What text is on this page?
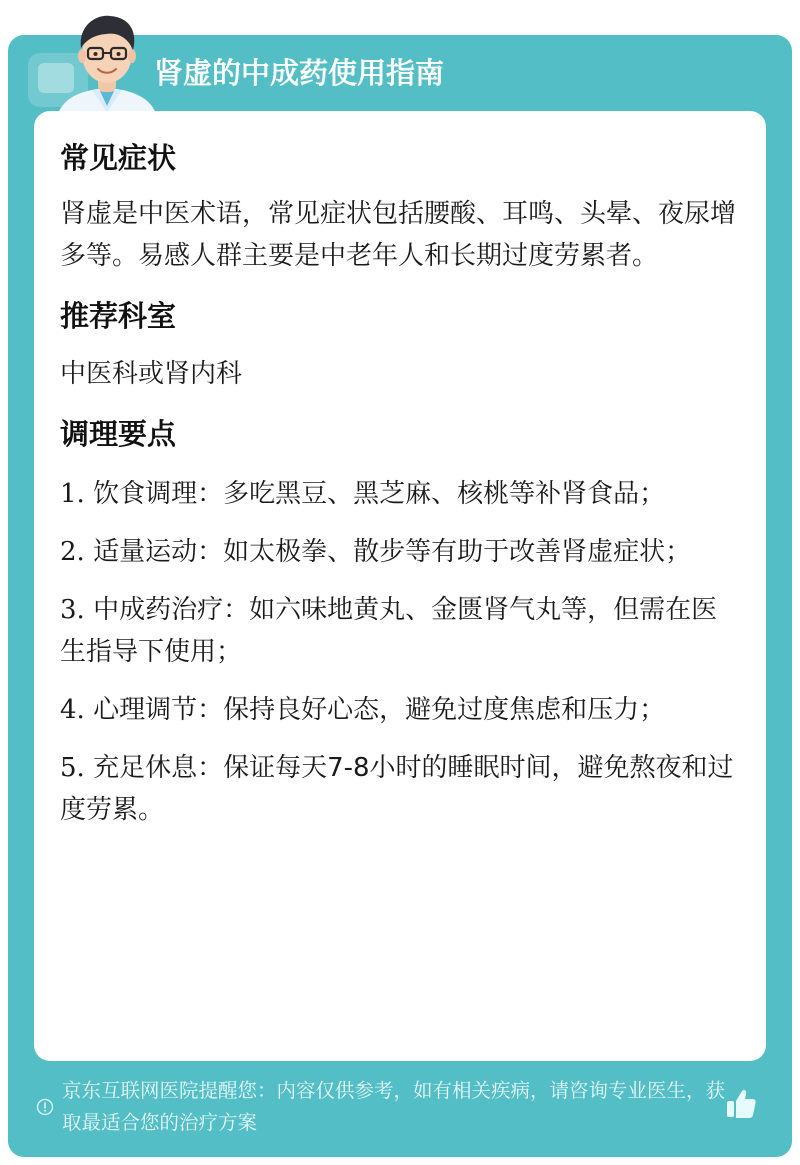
肾虚的中成药使用指南
常见症状

肾虚是中医术语，常见症状包括腰酸、耳鸣、头晕、夜尿增多等。易感人群主要是中老年人和长期过度劳累者。

推荐科室

中医科或肾内科

调理要点

1. 饮食调理：多吃黑豆、黑芝麻、核桃等补肾食品；

2. 适量运动：如太极拳、散步等有助于改善肾虚症状；

3. 中成药治疗：如六味地黄丸、金匮肾气丸等，但需在医生指导下使用；

4. 心理调节：保持良好心态，避免过度焦虑和压力；

5. 充足休息：保证每天7-8小时的睡眠时间，避免熬夜和过度劳累。

京东互联网医院提醒您：内容仅供参考，如有相关疾病，请咨询专业医生，获取最适合您的治疗方案
